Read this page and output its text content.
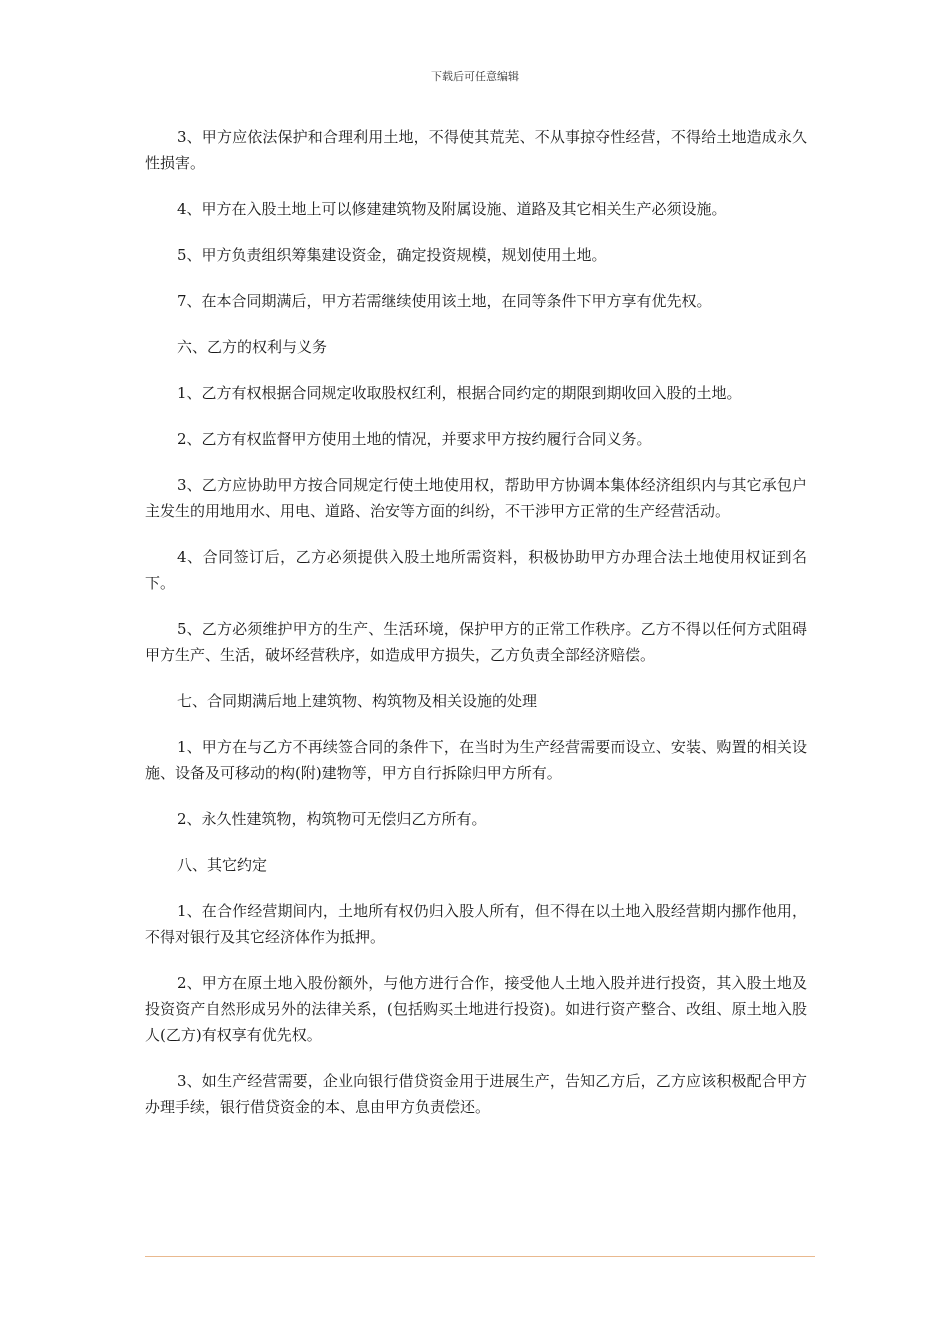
下载后可任意编辑

3、甲方应依法保护和合理利用土地，不得使其荒芜、不从事掠夺性经营，不得给土地造成永久性损害。

4、甲方在入股土地上可以修建建筑物及附属设施、道路及其它相关生产必须设施。

5、甲方负责组织筹集建设资金，确定投资规模，规划使用土地。

7、在本合同期满后，甲方若需继续使用该土地，在同等条件下甲方享有优先权。

六、乙方的权利与义务

1、乙方有权根据合同规定收取股权红利，根据合同约定的期限到期收回入股的土地。

2、乙方有权监督甲方使用土地的情况，并要求甲方按约履行合同义务。

3、乙方应协助甲方按合同规定行使土地使用权，帮助甲方协调本集体经济组织内与其它承包户主发生的用地用水、用电、道路、治安等方面的纠纷，不干涉甲方正常的生产经营活动。

4、合同签订后，乙方必须提供入股土地所需资料，积极协助甲方办理合法土地使用权证到名下。

5、乙方必须维护甲方的生产、生活环境，保护甲方的正常工作秩序。乙方不得以任何方式阻碍甲方生产、生活，破坏经营秩序，如造成甲方损失，乙方负责全部经济赔偿。

七、合同期满后地上建筑物、构筑物及相关设施的处理

1、甲方在与乙方不再续签合同的条件下，在当时为生产经营需要而设立、安装、购置的相关设施、设备及可移动的构(附)建物等，甲方自行拆除归甲方所有。

2、永久性建筑物，构筑物可无偿归乙方所有。

八、其它约定

1、在合作经营期间内，土地所有权仍归入股人所有，但不得在以土地入股经营期内挪作他用，不得对银行及其它经济体作为抵押。

2、甲方在原土地入股份额外，与他方进行合作，接受他人土地入股并进行投资，其入股土地及投资资产自然形成另外的法律关系，(包括购买土地进行投资)。如进行资产整合、改组、原土地入股人(乙方)有权享有优先权。

3、如生产经营需要，企业向银行借贷资金用于进展生产，告知乙方后，乙方应该积极配合甲方办理手续，银行借贷资金的本、息由甲方负责偿还。
